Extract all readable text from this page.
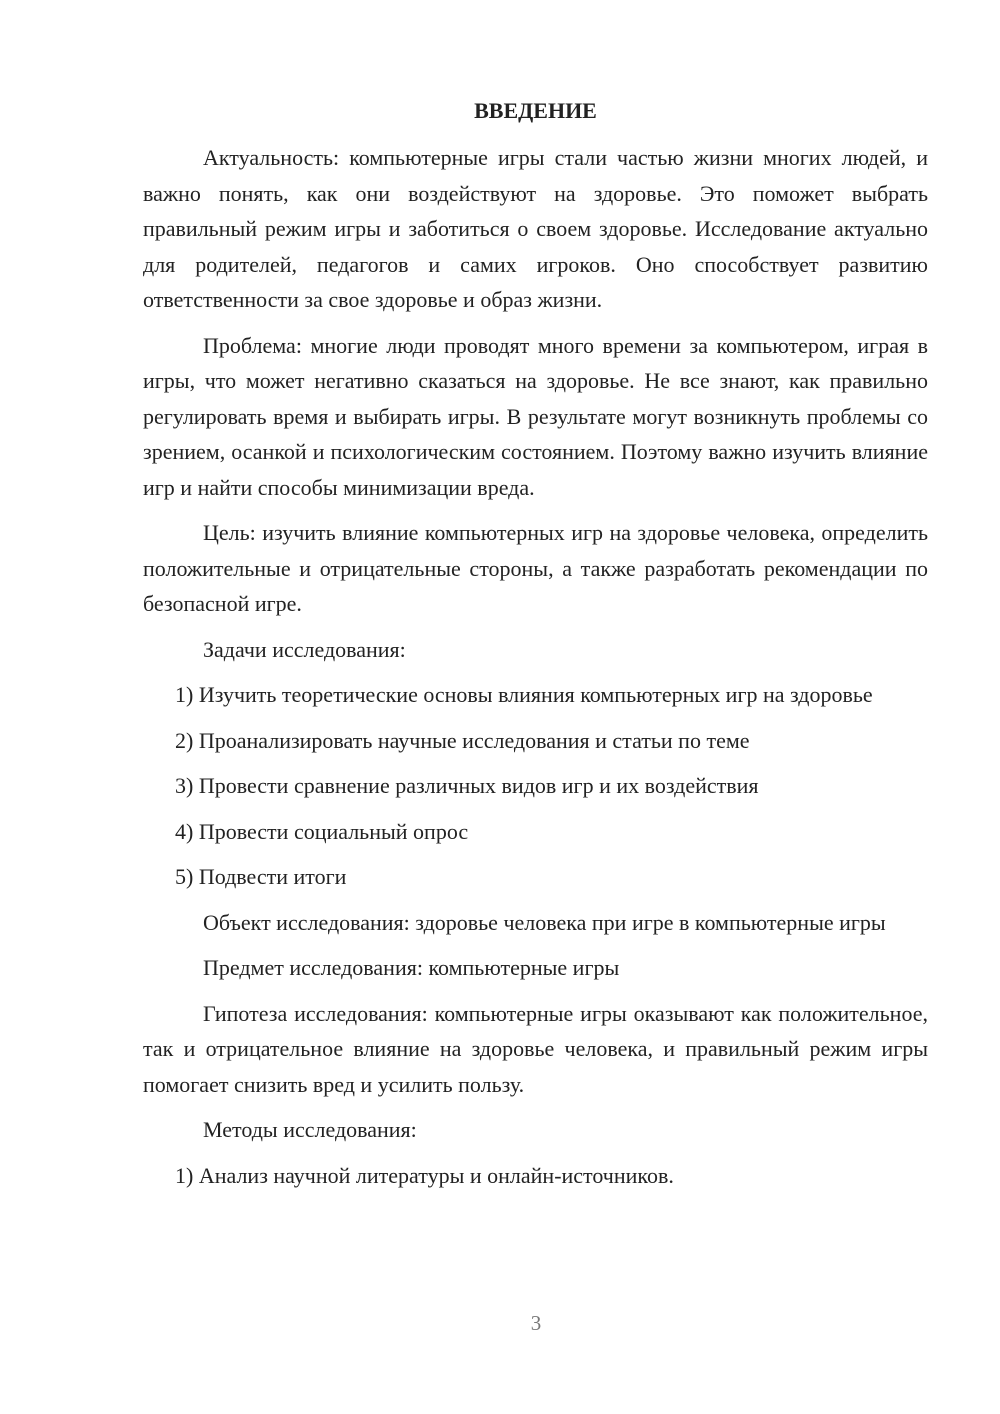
ВВЕДЕНИЕ

Актуальность: компьютерные игры стали частью жизни многих людей, и важно понять, как они воздействуют на здоровье. Это поможет выбрать правильный режим игры и заботиться о своем здоровье. Исследование актуально для родителей, педагогов и самих игроков. Оно способствует развитию ответственности за свое здоровье и образ жизни.

Проблема: многие люди проводят много времени за компьютером, играя в игры, что может негативно сказаться на здоровье. Не все знают, как правильно регулировать время и выбирать игры. В результате могут возникнуть проблемы со зрением, осанкой и психологическим состоянием. Поэтому важно изучить влияние игр и найти способы минимизации вреда.

Цель: изучить влияние компьютерных игр на здоровье человека, определить положительные и отрицательные стороны, а также разработать рекомендации по безопасной игре.

Задачи исследования:

1) Изучить теоретические основы влияния компьютерных игр на здоровье

2) Проанализировать научные исследования и статьи по теме

3) Провести сравнение различных видов игр и их воздействия

4) Провести социальный опрос

5) Подвести итоги

Объект исследования: здоровье человека при игре в компьютерные игры

Предмет исследования: компьютерные игры

Гипотеза исследования: компьютерные игры оказывают как положительное, так и отрицательное влияние на здоровье человека, и правильный режим игры помогает снизить вред и усилить пользу.

Методы исследования:

1) Анализ научной литературы и онлайн-источников.

3
